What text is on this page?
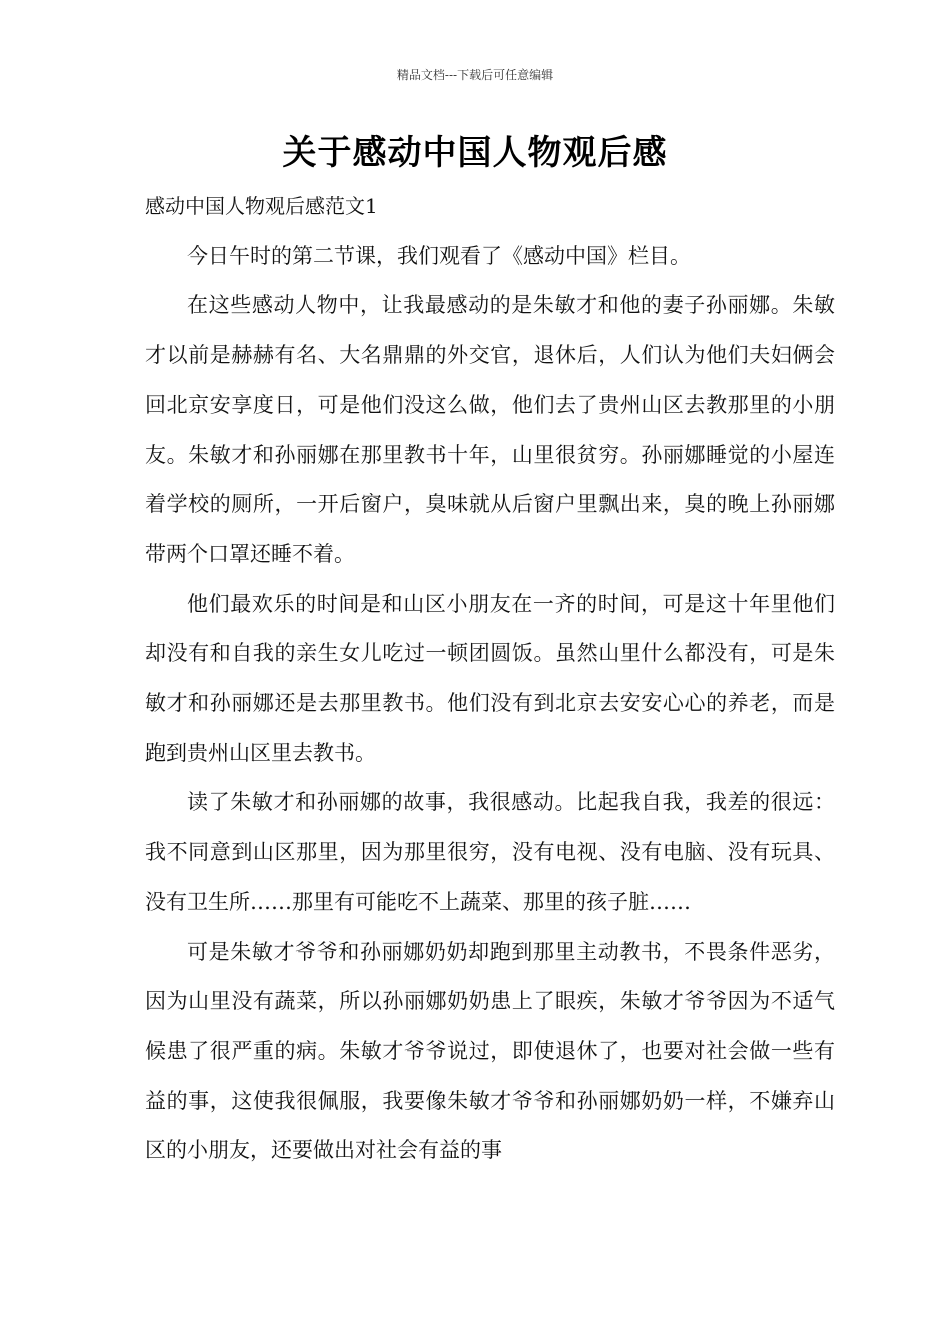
精品文档---下载后可任意编辑
关于感动中国人物观后感

感动中国人物观后感范文1

今日午时的第二节课，我们观看了《感动中国》栏目。

在这些感动人物中，让我最感动的是朱敏才和他的妻子孙丽娜。朱敏才以前是赫赫有名、大名鼎鼎的外交官，退休后，人们认为他们夫妇俩会回北京安享度日，可是他们没这么做，他们去了贵州山区去教那里的小朋友。朱敏才和孙丽娜在那里教书十年，山里很贫穷。孙丽娜睡觉的小屋连着学校的厕所，一开后窗户，臭味就从后窗户里飘出来，臭的晚上孙丽娜带两个口罩还睡不着。

他们最欢乐的时间是和山区小朋友在一齐的时间，可是这十年里他们却没有和自我的亲生女儿吃过一顿团圆饭。虽然山里什么都没有，可是朱敏才和孙丽娜还是去那里教书。他们没有到北京去安安心心的养老，而是跑到贵州山区里去教书。

读了朱敏才和孙丽娜的故事，我很感动。比起我自我，我差的很远：我不同意到山区那里，因为那里很穷，没有电视、没有电脑、没有玩具、没有卫生所……那里有可能吃不上蔬菜、那里的孩子脏……

可是朱敏才爷爷和孙丽娜奶奶却跑到那里主动教书，不畏条件恶劣，因为山里没有蔬菜，所以孙丽娜奶奶患上了眼疾，朱敏才爷爷因为不适气候患了很严重的病。朱敏才爷爷说过，即使退休了，也要对社会做一些有益的事，这使我很佩服，我要像朱敏才爷爷和孙丽娜奶奶一样，不嫌弃山区的小朋友，还要做出对社会有益的事
